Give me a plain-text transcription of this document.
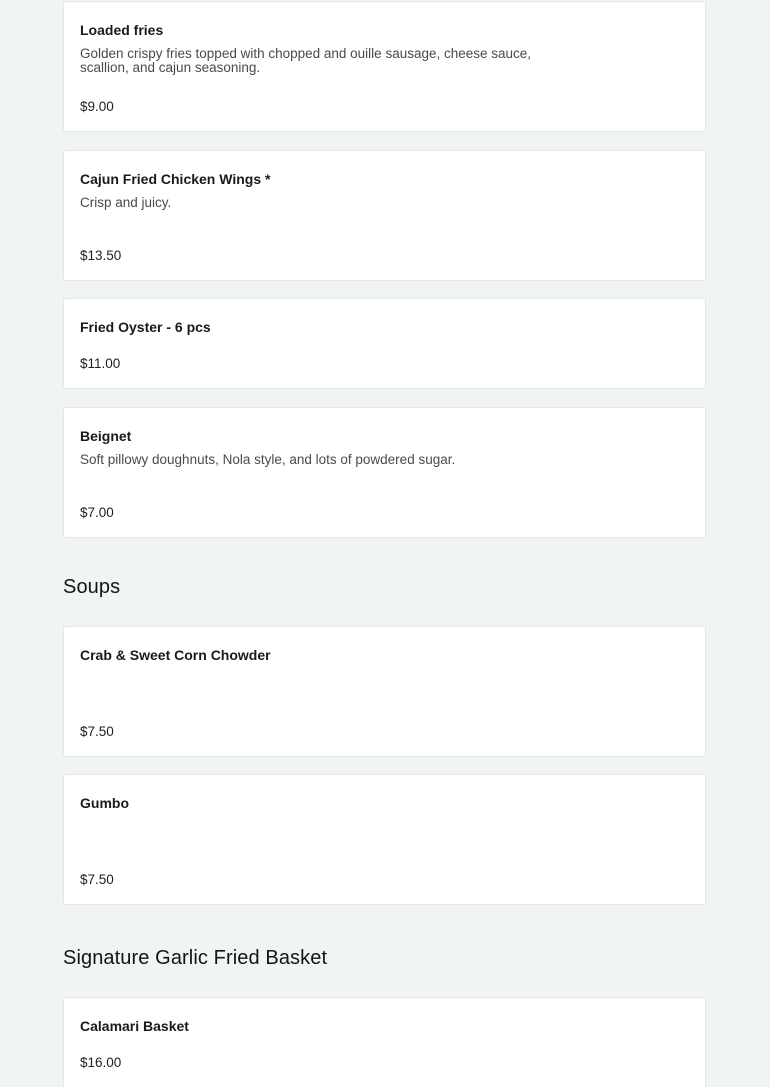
Loaded fries
Golden crispy fries topped with chopped and ouille sausage, cheese sauce, scallion, and cajun seasoning.
$9.00
Cajun Fried Chicken Wings *
Crisp and juicy.
$13.50
Fried Oyster - 6 pcs
$11.00
Beignet
Soft pillowy doughnuts, Nola style, and lots of powdered sugar.
$7.00
Soups
Crab & Sweet Corn Chowder
$7.50
Gumbo
$7.50
Signature Garlic Fried Basket
Calamari Basket
$16.00
